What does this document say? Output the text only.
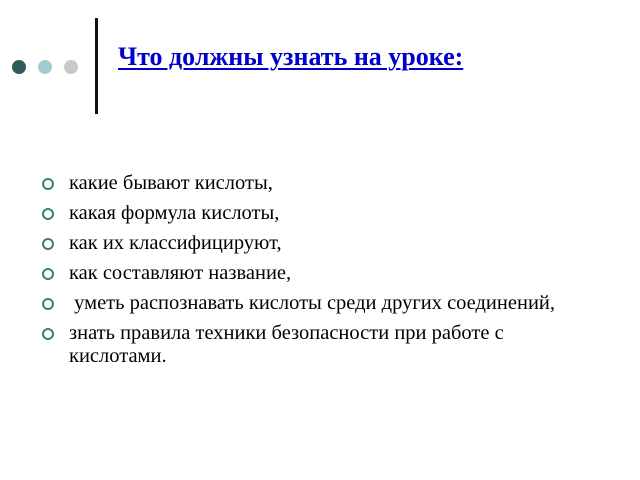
Что должны узнать на уроке:
какие бывают кислоты,
какая формула кислоты,
как их классифицируют,
как составляют название,
уметь распознавать кислоты среди других соединений,
знать правила техники безопасности при работе с кислотами.
